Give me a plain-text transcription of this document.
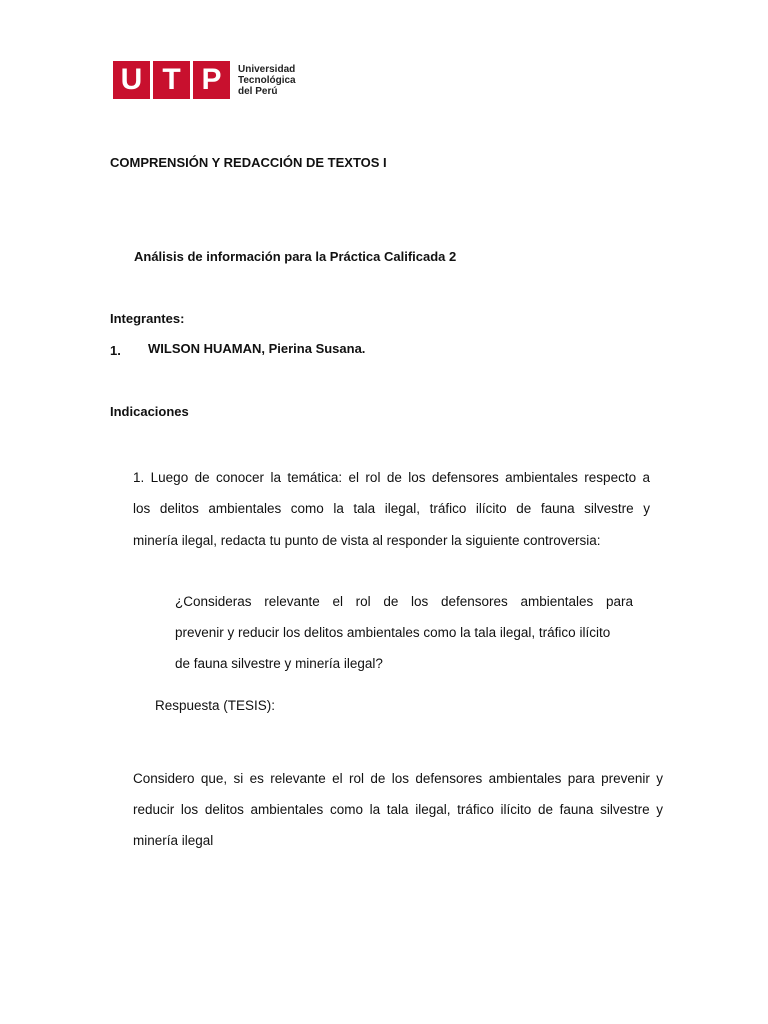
U T P	Universidad
Tecnológica
del Perú
COMPRENSIÓN Y REDACCIÓN DE TEXTOS I
Análisis de información para la Práctica Calificada 2
Integrantes:
1. WILSON HUAMAN, Pierina Susana.
Indicaciones
1. Luego de conocer la temática: el rol de los defensores ambientales respecto a
los delitos ambientales como la tala ilegal, tráfico ilícito de fauna silvestre y
minería ilegal, redacta tu punto de vista al responder la siguiente controversia:
¿Consideras relevante el rol de los defensores ambientales para
prevenir y reducir los delitos ambientales como la tala ilegal, tráfico ilícito
de fauna silvestre y minería ilegal?
Respuesta (TESIS):
Considero que, si es relevante el rol de los defensores ambientales para prevenir y
reducir los delitos ambientales como la tala ilegal, tráfico ilícito de fauna silvestre y
minería ilegal
